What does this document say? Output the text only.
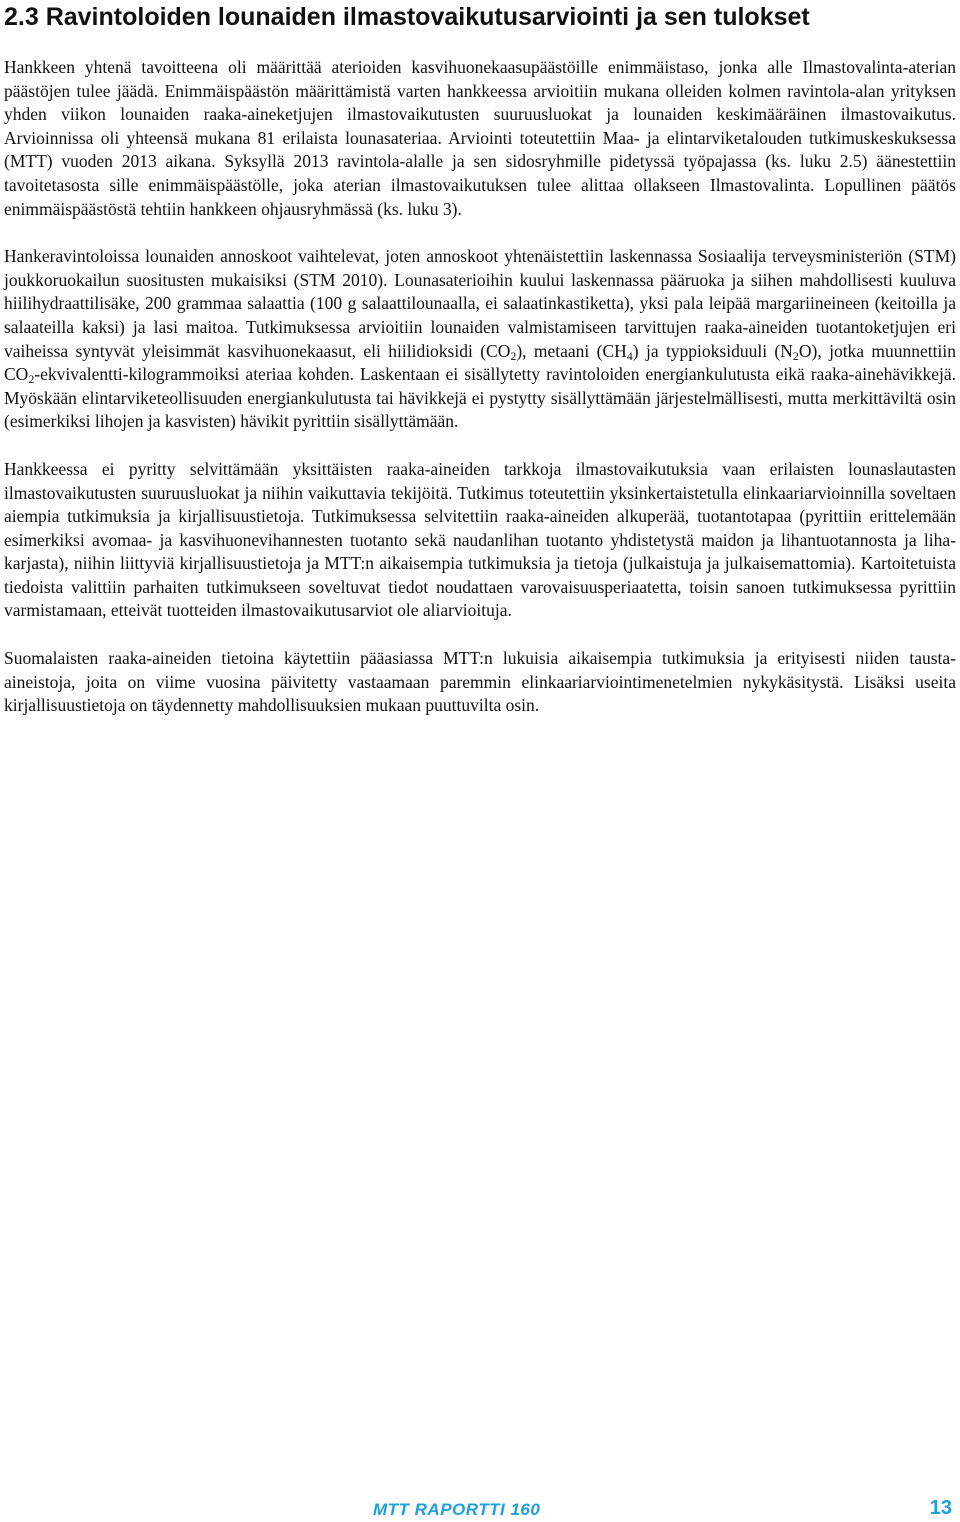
2.3 Ravintoloiden lounaiden ilmastovaikutusarviointi ja sen tulokset

Hankkeen yhtenä tavoitteena oli määrittää aterioiden kasvihuonekaasupäästöille enimmäistaso, jonka alle Ilmastovalinta-aterian päästöjen tulee jäädä. Enimmäispäästön määrittämistä varten hankkeessa arvioitiin mukana olleiden kolmen ravintola-alan yrityksen yhden viikon lounaiden raaka-aineketjujen ilmastovaikutusten suuruusluokat ja lounaiden keskimääräinen ilmastovaikutus. Arvioinnissa oli yhteensä mukana 81 erilaista lounasateriaa. Arviointi toteutettiin Maa- ja elintarviketalouden tutkimuskeskuksessa (MTT) vuoden 2013 aikana. Syksyllä 2013 ravintola-alalle ja sen sidosryhmille pidetyssä työpajassa (ks. luku 2.5) äänestettiin tavoitetasosta sille enimmäispäästölle, joka aterian ilmastovaikutuksen tulee alittaa ollakseen Ilmastovalinta. Lopullinen päätös enimmäispäästöstä tehtiin hankkeen ohjausryhmässä (ks. luku 3).

Hankeravintoloissa lounaiden annoskoot vaihtelevat, joten annoskoot yhtenäistettiin laskennassa Sosiaalija terveysministeriön (STM) joukkoruokailun suositusten mukaisiksi (STM 2010). Lounasaterioihin kuului laskennassa pääruoka ja siihen mahdollisesti kuuluva hiilihydraattilisäke, 200 grammaa salaattia (100 g salaattilounaalla, ei salaatinkastiketta), yksi pala leipää margariineineen (keitoilla ja salaateilla kaksi) ja lasi maitoa. Tutkimuksessa arvioitiin lounaiden valmistamiseen tarvittujen raaka-aineiden tuotantoketjujen eri vaiheissa syntyvät yleisimmät kasvihuonekaasut, eli hiilidioksidi $(CO_2)$, metaani $(CH_4)$ ja typpioksiduuli $(N_2O)$, jotka muunnettiin $CO_2-ekvivalentti$-kilogrammoiksi ateriaa kohden. Laskentaan ei sisällytetty ravintoloiden energiankulutusta eikä raaka-ainehävikkejä. Myöskään elintarviketeollisuuden energiankulutusta tai hävikkejä ei pystytty sisällyttämään järjestelmällisesti, mutta merkittäviltä osin (esimerkiksi lihojen ja kasvisten) hävikit pyrittiin sisällyttämään.

Hankkeessa ei pyritty selvittämään yksittäisten raaka-aineiden tarkkoja ilmastovaikutuksia vaan erilaisten lounaslautasten ilmastovaikutusten suuruusluokat ja niihin vaikuttavia tekijöitä. Tutkimus toteutettiin yksinkertaistetulla elinkaariarvioinnilla soveltaen aiempia tutkimuksia ja kirjallisuustietoja. Tutkimuksessa selvitettiin raaka-aineiden alkuperää, tuotantotapaa (pyrittiin erittelemään esimerkiksi avomaa- ja kasvihuonevihannesten tuotanto sekä naudanlihan tuotanto yhdistetystä maidon ja lihantuotannosta ja lihakarjasta), niihin liittyviä kirjallisuustietoja ja MTT:n aikaisempia tutkimuksia ja tietoja (julkaistuja ja julkaisemattomia). Kartoitetuista tiedoista valittiin parhaiten tutkimukseen soveltuvat tiedot noudattaen varovaisuusperiaatetta, toisin sanoen tutkimuksessa pyrittiin varmistamaan, etteivät tuotteiden ilmastovaikutusarviot ole aliarvioituja.

Suomalaisten raaka-aineiden tietoina käytettiin pääasiassa MTT:n lukuisia aikaisempia tutkimuksia ja erityisesti niiden tausta-aineistoja, joita on viime vuosina päivitetty vastaamaan paremmin elinkaariarviointimenetelmien nykykäsitystä. Lisäksi useita kirjallisuustietoja on täydennetty mahdollisuuksien mukaan puuttuvilta osin.

MTT RAPORTTI 160	13
